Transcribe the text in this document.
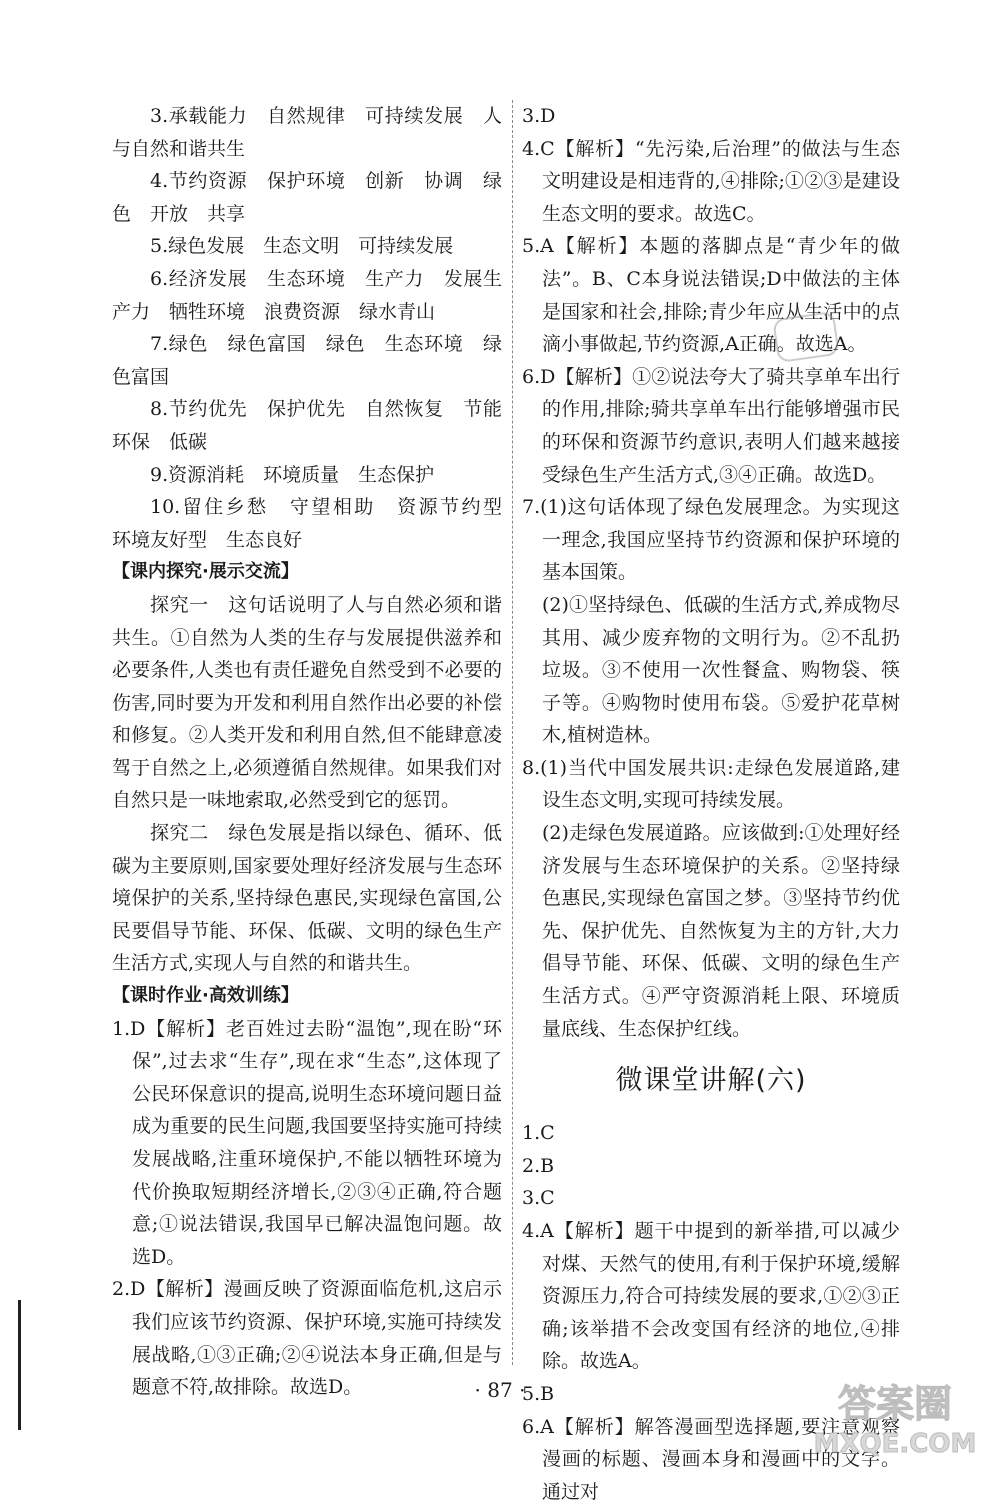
3.承载能力　自然规律　可持续发展　人与自然和谐共生
4.节约资源　保护环境　创新　协调　绿色　开放　共享
5.绿色发展　生态文明　可持续发展
6.经济发展　生态环境　生产力　发展生产力　牺牲环境　浪费资源　绿水青山
7.绿色　绿色富国　绿色　生态环境　绿色富国
8.节约优先　保护优先　自然恢复　节能环保　低碳
9.资源消耗　环境质量　生态保护
10.留住乡愁　守望相助　资源节约型　环境友好型　生态良好
【课内探究·展示交流】
探究一　这句话说明了人与自然必须和谐共生。①自然为人类的生存与发展提供滋养和必要条件,人类也有责任避免自然受到不必要的伤害,同时要为开发和利用自然作出必要的补偿和修复。②人类开发和利用自然,但不能肆意凌驾于自然之上,必须遵循自然规律。如果我们对自然只是一味地索取,必然受到它的惩罚。
探究二　绿色发展是指以绿色、循环、低碳为主要原则,国家要处理好经济发展与生态环境保护的关系,坚持绿色惠民,实现绿色富国,公民要倡导节能、环保、低碳、文明的绿色生产生活方式,实现人与自然的和谐共生。
【课时作业·高效训练】
1.D【解析】老百姓过去盼“温饱”,现在盼“环保”,过去求“生存”,现在求“生态”,这体现了公民环保意识的提高,说明生态环境问题日益成为重要的民生问题,我国要坚持实施可持续发展战略,注重环境保护,不能以牺牲环境为代价换取短期经济增长,②③④正确,符合题意;①说法错误,我国早已解决温饱问题。故选D。
2.D【解析】漫画反映了资源面临危机,这启示我们应该节约资源、保护环境,实施可持续发展战略,①③正确;②④说法本身正确,但是与题意不符,故排除。故选D。
3.D
4.C【解析】“先污染,后治理”的做法与生态文明建设是相违背的,④排除;①②③是建设生态文明的要求。故选C。
5.A【解析】本题的落脚点是“青少年的做法”。B、C本身说法错误;D中做法的主体是国家和社会,排除;青少年应从生活中的点滴小事做起,节约资源,A正确。故选A。
6.D【解析】①②说法夸大了骑共享单车出行的作用,排除;骑共享单车出行能够增强市民的环保和资源节约意识,表明人们越来越接受绿色生产生活方式,③④正确。故选D。
7.(1)这句话体现了绿色发展理念。为实现这一理念,我国应坚持节约资源和保护环境的基本国策。
(2)①坚持绿色、低碳的生活方式,养成物尽其用、减少废弃物的文明行为。②不乱扔垃圾。③不使用一次性餐盒、购物袋、筷子等。④购物时使用布袋。⑤爱护花草树木,植树造林。
8.(1)当代中国发展共识:走绿色发展道路,建设生态文明,实现可持续发展。
(2)走绿色发展道路。应该做到:①处理好经济发展与生态环境保护的关系。②坚持绿色惠民,实现绿色富国之梦。③坚持节约优先、保护优先、自然恢复为主的方针,大力倡导节能、环保、低碳、文明的绿色生产生活方式。④严守资源消耗上限、环境质量底线、生态保护红线。
微课堂讲解(六)
1.C
2.B
3.C
4.A【解析】题干中提到的新举措,可以减少对煤、天然气的使用,有利于保护环境,缓解资源压力,符合可持续发展的要求,①②③正确;该举措不会改变国有经济的地位,④排除。故选A。
5.B
6.A【解析】解答漫画型选择题,要注意观察漫画的标题、漫画本身和漫画中的文字。通过对
· 87 ·	答案圈
MXQE.COM
